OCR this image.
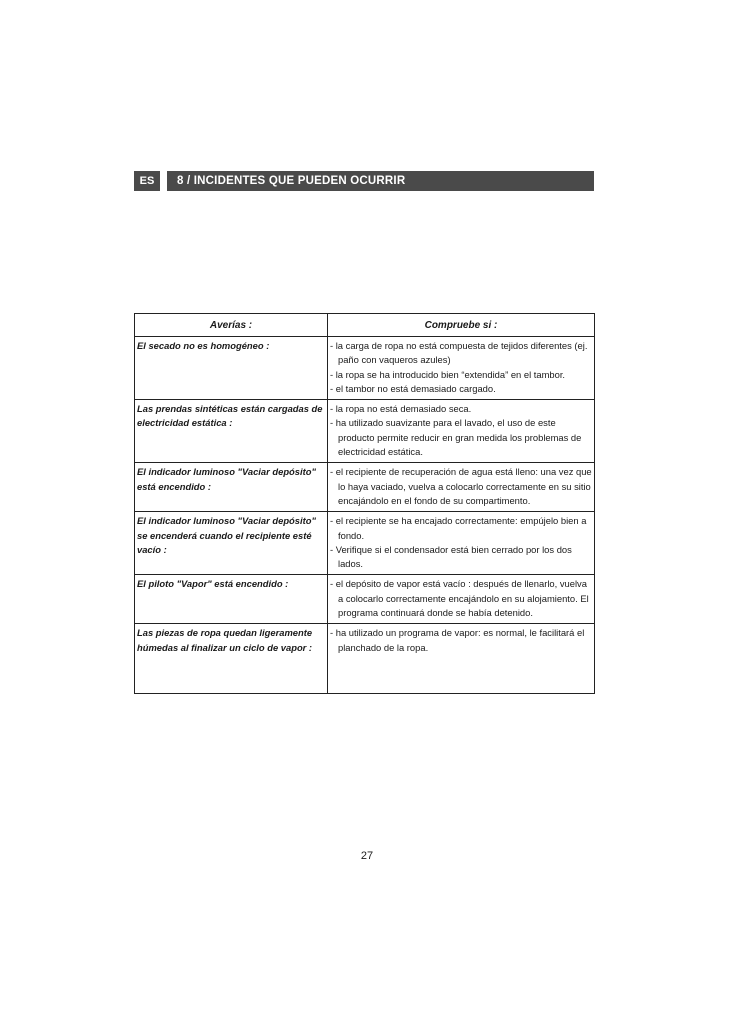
ES	8 / INCIDENTES QUE PUEDEN OCURRIR
Averías :	Compruebe si :
El secado no es homogéneo :	- la carga de ropa no está compuesta de tejidos diferentes (ej. paño con vaqueros azules)
- la ropa se ha introducido bien “extendida” en el tambor.
- el tambor no está demasiado cargado.

Las prendas sintéticas están cargadas de electricidad estática :	- la ropa no está demasiado seca.
- ha utilizado suavizante para el lavado, el uso de este producto permite reducir en gran medida los problemas de electricidad estática.

El indicador luminoso "Vaciar depósito" está encendido :	- el recipiente de recuperación de agua está lleno: una vez que lo haya vaciado, vuelva a colocarlo correctamente en su sitio encajándolo en el fondo de su compartimento.

El indicador luminoso "Vaciar depósito" se encenderá cuando el recipiente esté vacío :	- el recipiente se ha encajado correctamente: empújelo bien a fondo.
- Verifique si el condensador está bien cerrado por los dos lados.

El piloto "Vapor" está encendido :	- el depósito de vapor está vacío : después de llenarlo, vuelva a colocarlo correctamente encajándolo en su alojamiento. El programa continuará donde se había detenido.

Las piezas de ropa quedan ligeramente húmedas al finalizar un ciclo de vapor :	- ha utilizado un programa de vapor: es normal, le facilitará el planchado de la ropa.
27
